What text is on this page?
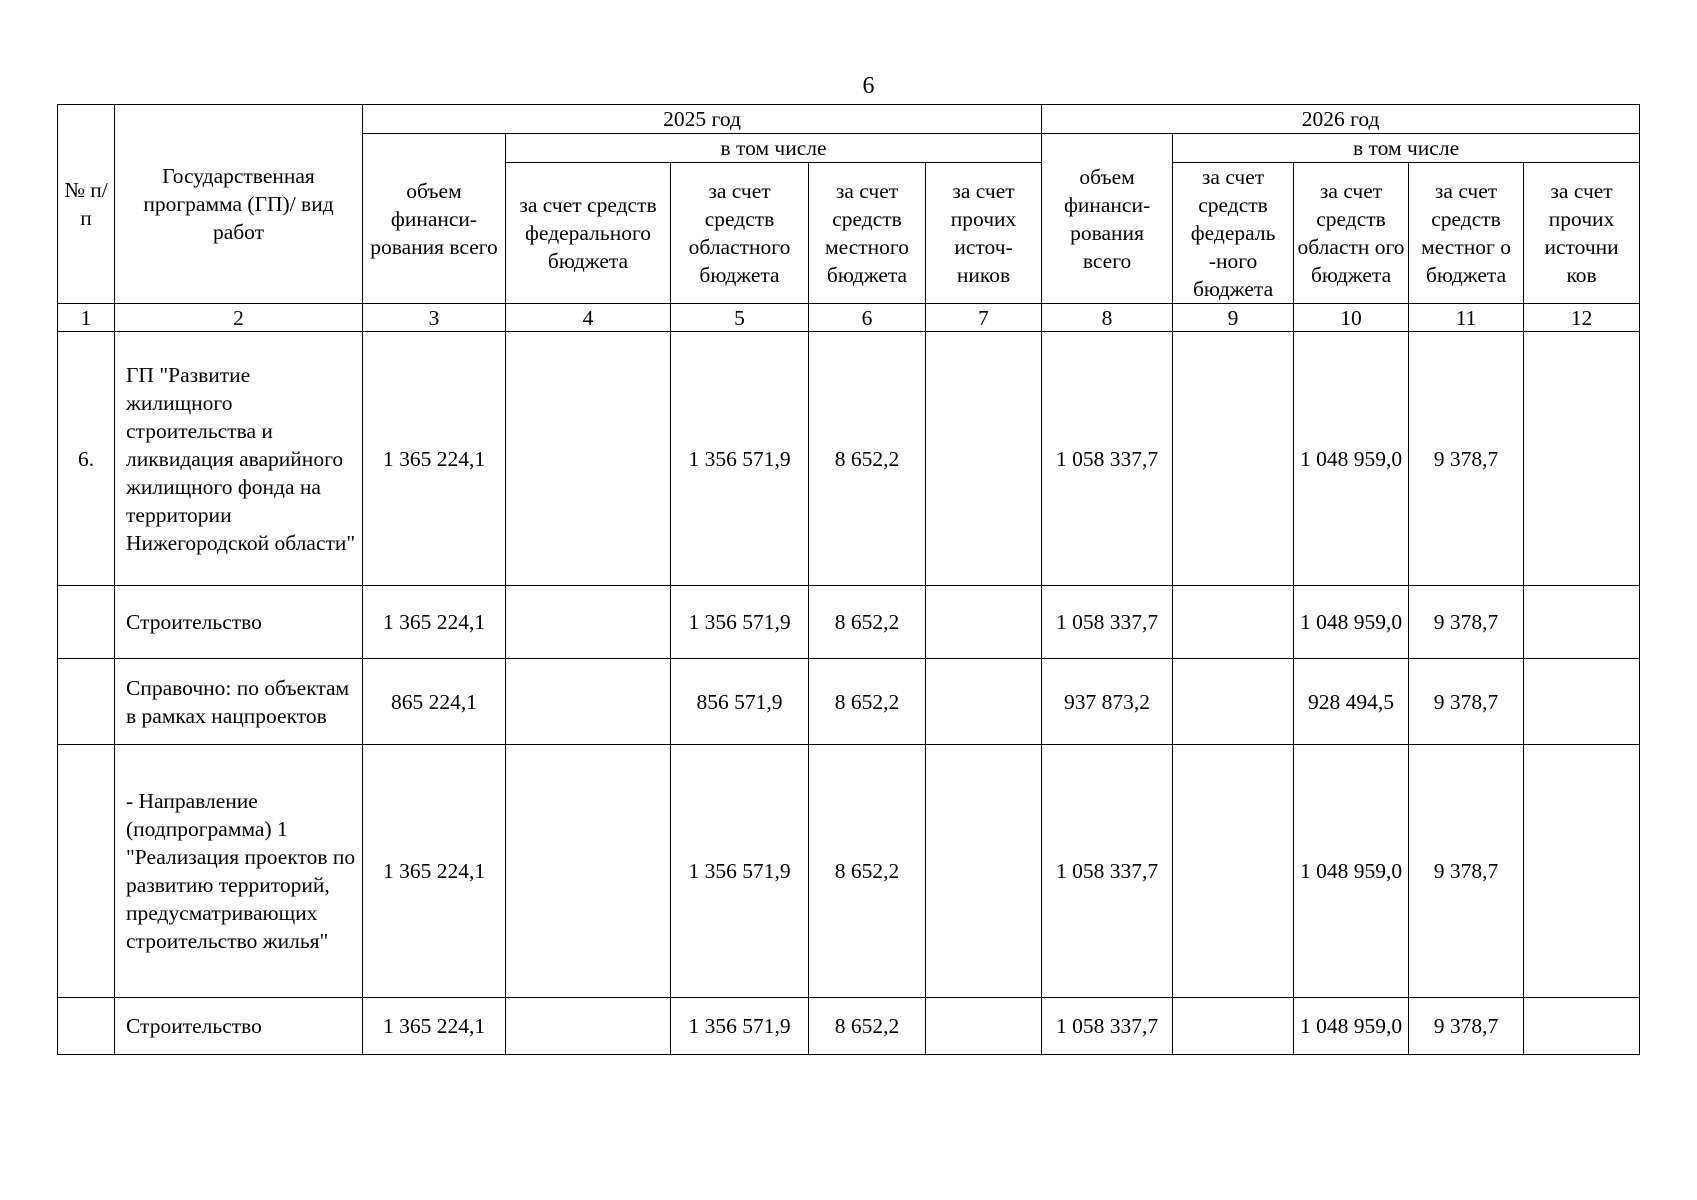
6
№ п/п	Государственная программа (ГП)/ вид работ	2025 год					2026 год				
		объем финанси-рования всего	в том числе				объем финанси-рования всего	в том числе			
			за счет средств федерального бюджета	за счет средств областного бюджета	за счет средств местного бюджета	за счет прочих источ-ников		за счет средств федераль -ного бюджета	за счет средств областн ого бюджета	за счет средств местног о бюджета	за счет прочих источни ков
1	2	3	4	5	6	7	8	9	10	11	12
6.	ГП "Развитие жилищного строительства и ликвидация аварийного жилищного фонда на территории Нижегородской области"	1 365 224,1		1 356 571,9	8 652,2		1 058 337,7		1 048 959,0	9 378,7	
	Строительство	1 365 224,1		1 356 571,9	8 652,2		1 058 337,7		1 048 959,0	9 378,7	
	Справочно: по объектам в рамках нацпроектов	865 224,1		856 571,9	8 652,2		937 873,2		928 494,5	9 378,7	
	- Направление (подпрограмма) 1 "Реализация проектов по развитию территорий, предусматривающих строительство жилья"	1 365 224,1		1 356 571,9	8 652,2		1 058 337,7		1 048 959,0	9 378,7	
	Строительство	1 365 224,1		1 356 571,9	8 652,2		1 058 337,7		1 048 959,0	9 378,7	
